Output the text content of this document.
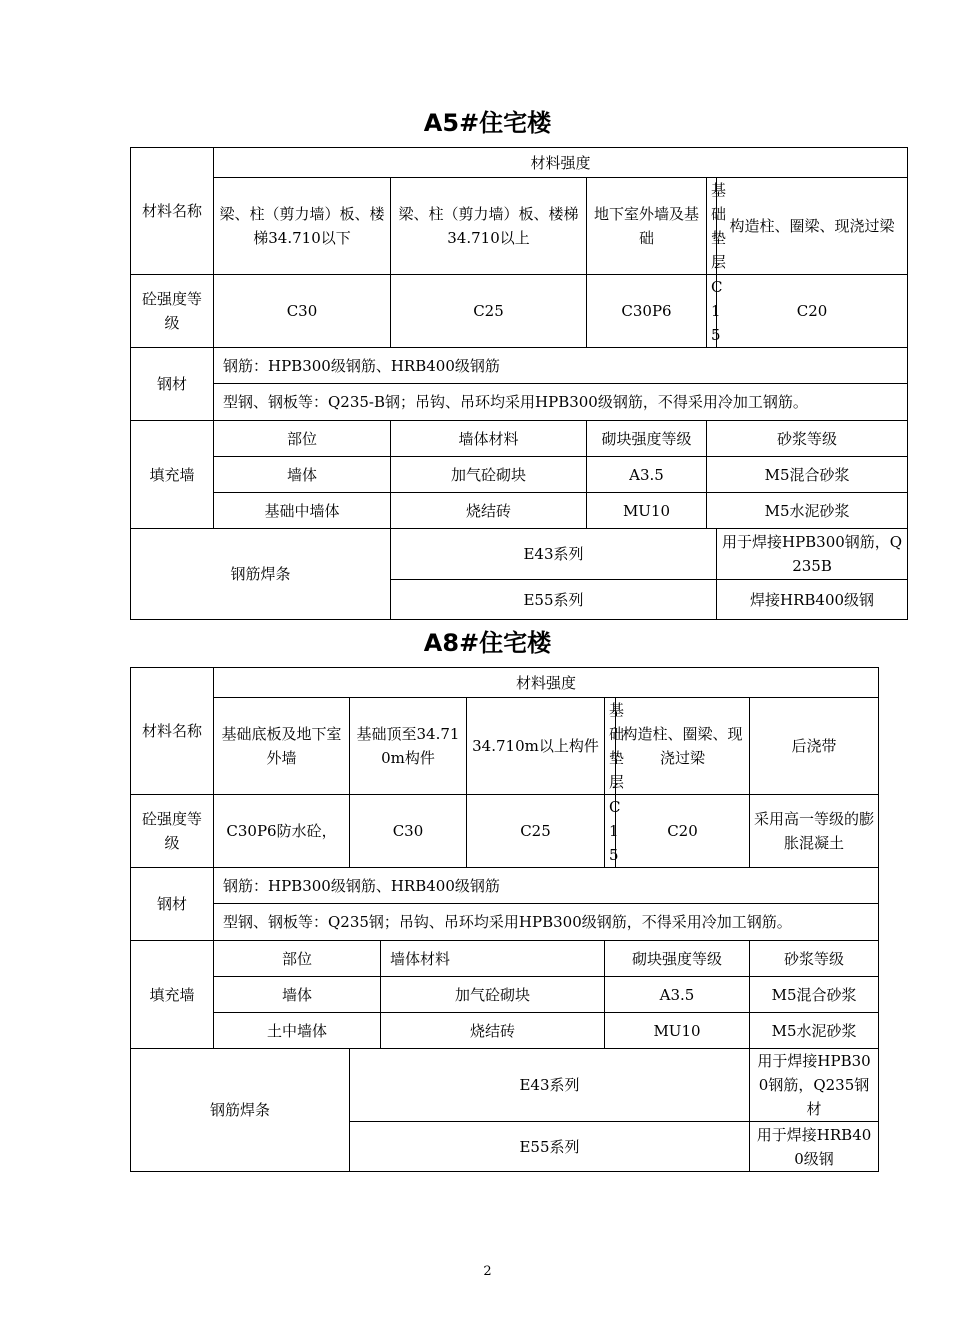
A5#住宅楼
材料名称	材料强度				
	梁、柱（剪力墙）板、楼梯34.710以下	梁、柱（剪力墙）板、楼梯34.710以上	地下室外墙及基础	基础垫层	构造柱、圈梁、现浇过梁
砼强度等级	C30	C25	C30P6	C15	C20
钢材	钢筋：HPB300级钢筋、HRB400级钢筋				
	型钢、钢板等：Q235-B钢；吊钩、吊环均采用HPB300级钢筋，不得采用冷加工钢筋。				
填充墙	部位	墙体材料	砌块强度等级	砂浆等级	
	墙体	加气砼砌块	A3.5	M5混合砂浆	
	基础中墙体	烧结砖	MU10	M5水泥砂浆	
钢筋焊条		E43系列			用于焊接HPB300钢筋，Q235B
		E55系列			焊接HRB400级钢
A8#住宅楼
材料名称	材料强度						
	基础底板及地下室外墙	基础顶至34.710m构件		34.710m以上构件	基础垫层	构造柱、圈梁、现浇过梁	后浇带
砼强度等级	C30P6防水砼，	C30		C25	C15	C20	采用高一等级的膨胀混凝土
钢材	钢筋：HPB300级钢筋、HRB400级钢筋						
	型钢、钢板等：Q235钢；吊钩、吊环均采用HPB300级钢筋，不得采用冷加工钢筋。						
填充墙	部位		墙体材料		砌块强度等级		砂浆等级
	墙体		加气砼砌块		A3.5		M5混合砂浆
	土中墙体		烧结砖		MU10		M5水泥砂浆
钢筋焊条		E43系列					用于焊接HPB300钢筋，Q235钢材
		E55系列					用于焊接HRB400级钢
2
